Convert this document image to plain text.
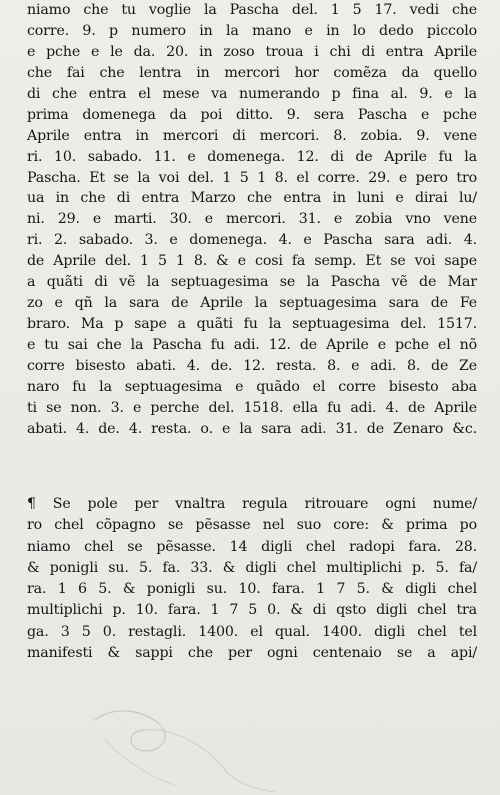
niamo che tu voglie la Pascha del. 1 5 17. vedi che
corre. 9. p numero in la mano e in lo dedo piccolo
e pche e le da. 20. in zoso troua i chi di entra Aprile
che fai che lentra in mercori hor comẽza da quello
di che entra el mese va numerando p fina al. 9. e la
prima domenega da poi ditto. 9. sera Pascha e pche
Aprile entra in mercori di mercori. 8. zobia. 9. vene
ri. 10. sabado. 11. e domenega. 12. di de Aprile fu la
Pascha. Et se la voi del. 1 5 1 8. el corre. 29. e pero tro
ua in che di entra Marzo che entra in luni e dirai lu/
ni. 29. e marti. 30. e mercori. 31. e zobia vno vene
ri. 2. sabado. 3. e domenega. 4. e Pascha sara adi. 4.
de Aprile del. 1 5 1 8. & e cosi fa semp. Et se voi sape
a quãti di vẽ la septuagesima se la Pascha vẽ de Mar
zo e qñ la sara de Aprile la septuagesima sara de Fe
braro. Ma p sape a quãti fu la septuagesima del. 1517.
e tu sai che la Pascha fu adi. 12. de Aprile e pche el nõ
corre bisesto abati. 4. de. 12. resta. 8. e adi. 8. de Ze
naro fu la septuagesima e quãdo el corre bisesto aba
ti se non. 3. e perche del. 1518. ella fu adi. 4. de Aprile
abati. 4. de. 4. resta. o. e la sara adi. 31. de Zenaro &c.
¶ Se pole per vnaltra regula ritrouare ogni nume/
ro chel cõpagno se pẽsasse nel suo core: & prima po
niamo chel se pẽsasse. 14 digli chel radopi fara. 28.
& ponigli su. 5. fa. 33. & digli chel multiplichi p. 5. fa/
ra. 1 6 5. & ponigli su. 10. fara. 1 7 5. & digli chel
multiplichi p. 10. fara. 1 7 5 0. & di qsto digli chel tra
ga. 3 5 0. restagli. 1400. el qual. 1400. digli chel tel
manifesti & sappi che per ogni centenaio se a api/
